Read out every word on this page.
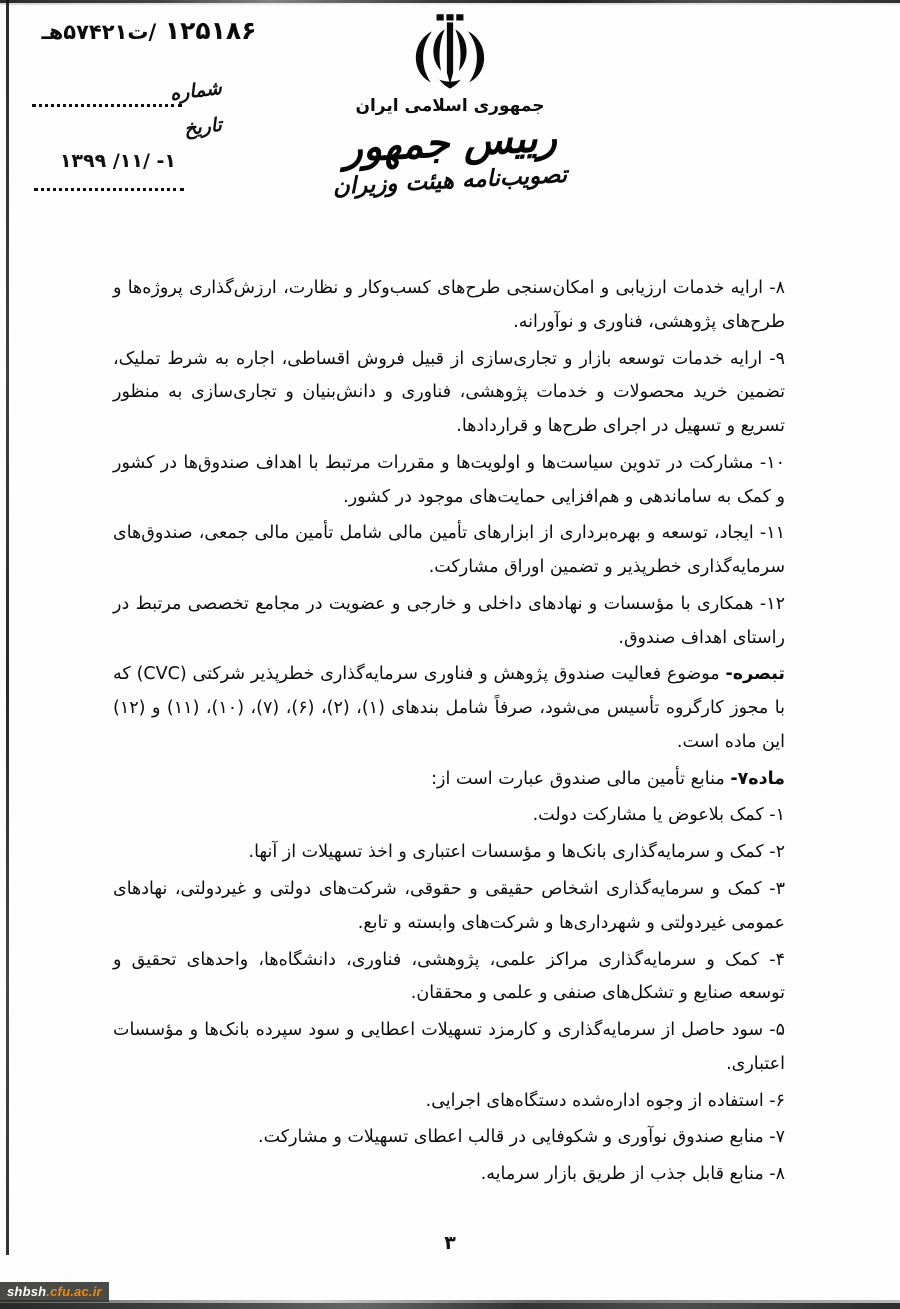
۱۲۵۱۸۶ /ت۵۷۴۲۱هـ
شماره
تاریخ
۱۳۹۹ /۱۱/ -۱
جمهوری اسلامی ایران
رییس جمهور
تصویب‌نامه هیئت وزیران

۸- ارایه خدمات ارزیابی و امکان‌سنجی طرح‌های کسب‌وکار و نظارت، ارزش‌گذاری پروژه‌ها و طرح‌های پژوهشی، فناوری و نوآورانه.

۹- ارایه خدمات توسعه بازار و تجاری‌سازی از قبیل فروش اقساطی، اجاره به شرط تملیک، تضمین خرید محصولات و خدمات پژوهشی، فناوری و دانش‌بنیان و تجاری‌سازی به منظور تسریع و تسهیل در اجرای طرح‌ها و قراردادها.

۱۰- مشارکت در تدوین سیاست‌ها و اولویت‌ها و مقررات مرتبط با اهداف صندوق‌ها در کشور و کمک به ساماندهی و هم‌افزایی حمایت‌های موجود در کشور.

۱۱- ایجاد، توسعه و بهره‌برداری از ابزارهای تأمین مالی شامل تأمین مالی جمعی، صندوق‌های سرمایه‌گذاری خطرپذیر و تضمین اوراق مشارکت.

۱۲- همکاری با مؤسسات و نهادهای داخلی و خارجی و عضویت در مجامع تخصصی مرتبط در راستای اهداف صندوق.

تبصره- موضوع فعالیت صندوق پژوهش و فناوری سرمایه‌گذاری خطرپذیر شرکتی (CVC) که با مجوز کارگروه تأسیس می‌شود، صرفاً شامل بندهای (۱)، (۲)، (۶)، (۷)، (۱۰)، (۱۱) و (۱۲) این ماده است.

ماده۷- منابع تأمین مالی صندوق عبارت است از:

۱- کمک بلاعوض یا مشارکت دولت.

۲- کمک و سرمایه‌گذاری بانک‌ها و مؤسسات اعتباری و اخذ تسهیلات از آنها.

۳- کمک و سرمایه‌گذاری اشخاص حقیقی و حقوقی، شرکت‌های دولتی و غیردولتی، نهادهای عمومی غیردولتی و شهرداری‌ها و شرکت‌های وابسته و تابع.

۴- کمک و سرمایه‌گذاری مراکز علمی، پژوهشی، فناوری، دانشگاه‌ها، واحدهای تحقیق و توسعه صنایع و تشکل‌های صنفی و علمی و محققان.

۵- سود حاصل از سرمایه‌گذاری و کارمزد تسهیلات اعطایی و سود سپرده بانک‌ها و مؤسسات اعتباری.

۶- استفاده از وجوه اداره‌شده دستگاه‌های اجرایی.

۷- منابع صندوق نوآوری و شکوفایی در قالب اعطای تسهیلات و مشارکت.

۸- منابع قابل جذب از طریق بازار سرمایه.

۳
shbsh.cfu.ac.ir
